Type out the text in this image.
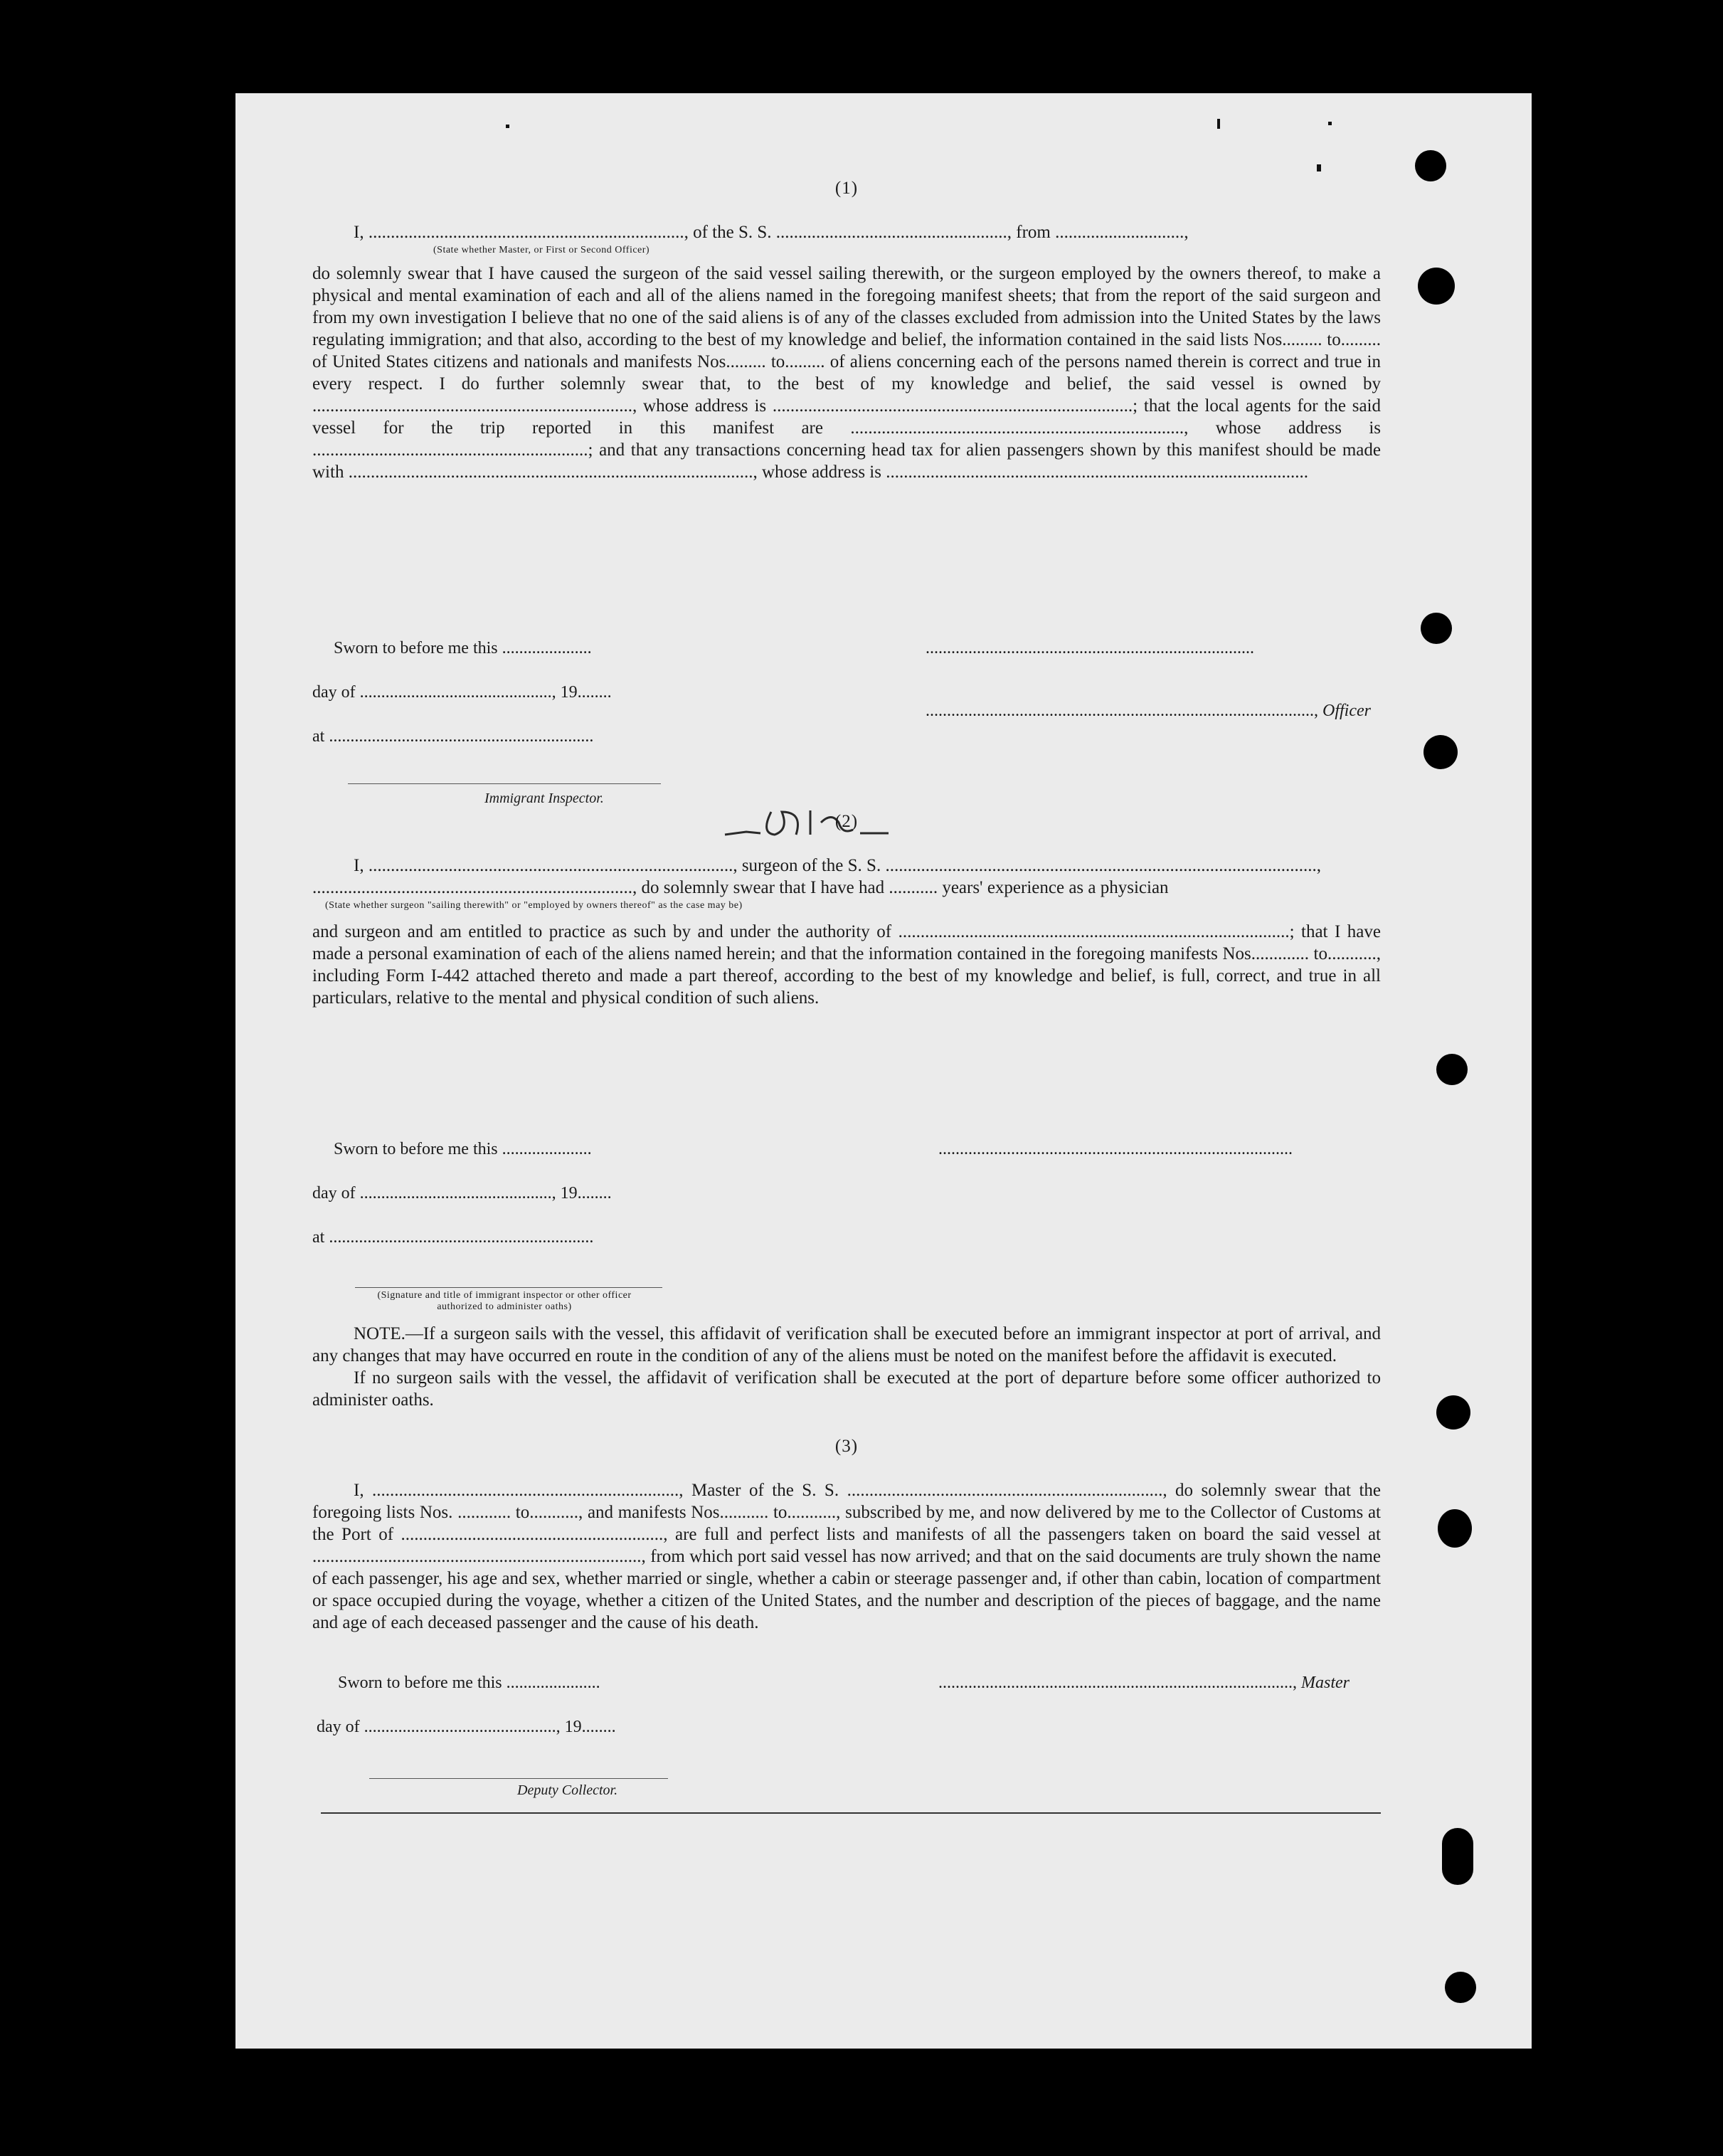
(1)
I, ......................................................................., of the S. S. ...................................................., from .............................,
(State whether Master, or First or Second Officer)

do solemnly swear that I have caused the surgeon of the said vessel sailing therewith, or the surgeon employed by the owners thereof, to make a physical and mental examination of each and all of the aliens named in the foregoing manifest sheets; that from the report of the said surgeon and from my own investigation I believe that no one of the said aliens is of any of the classes excluded from admission into the United States by the laws regulating immigration; and that also, according to the best of my knowledge and belief, the information contained in the said lists Nos......... to......... of United States citizens and nationals and manifests Nos......... to......... of aliens concerning each of the persons named therein is correct and true in every respect. I do further solemnly swear that, to the best of my knowledge and belief, the said vessel is owned by ........................................................................, whose address is .................................................................................; that the local agents for the said vessel for the trip reported in this manifest are ..........................................................................., whose address is ..............................................................; and that any transactions concerning head tax for alien passengers shown by this manifest should be made with ..........................................................................................., whose address is ...............................................................................................

Sworn to before me this .....................
day of ............................................., 19........
at ..............................................................
.............................................................................
..........................................................................................., Officer
Immigrant Inspector.
(2)
I, .................................................................................., surgeon of the S. S. .................................................................................................,
........................................................................, do solemnly swear that I have had ........... years' experience as a physician
(State whether surgeon "sailing therewith" or "employed by owners thereof" as the case may be)

and surgeon and am entitled to practice as such by and under the authority of ........................................................................................; that I have made a personal examination of each of the aliens named herein; and that the information contained in the foregoing manifests Nos............. to..........., including Form I-442 attached thereto and made a part thereof, according to the best of my knowledge and belief, is full, correct, and true in all particulars, relative to the mental and physical condition of such aliens.

Sworn to before me this .....................
day of ............................................., 19........
at ..............................................................
...................................................................................
(Signature and title of immigrant inspector or other officer authorized to administer oaths)

NOTE.—If a surgeon sails with the vessel, this affidavit of verification shall be executed before an immigrant inspector at port of arrival, and any changes that may have occurred en route in the condition of any of the aliens must be noted on the manifest before the affidavit is executed.

If no surgeon sails with the vessel, the affidavit of verification shall be executed at the port of departure before some officer authorized to administer oaths.

(3)

I, ....................................................................., Master of the S. S. ......................................................................., do solemnly swear that the foregoing lists Nos. ............ to..........., and manifests Nos........... to..........., subscribed by me, and now delivered by me to the Collector of Customs at the Port of ..........................................................., are full and perfect lists and manifests of all the passengers taken on board the said vessel at .........................................................................., from which port said vessel has now arrived; and that on the said documents are truly shown the name of each passenger, his age and sex, whether married or single, whether a cabin or steerage passenger and, if other than cabin, location of compartment or space occupied during the voyage, whether a citizen of the United States, and the number and description of the pieces of baggage, and the name and age of each deceased passenger and the cause of his death.

Sworn to before me this ......................
day of ............................................., 19........
..................................................................................., Master
Deputy Collector.
